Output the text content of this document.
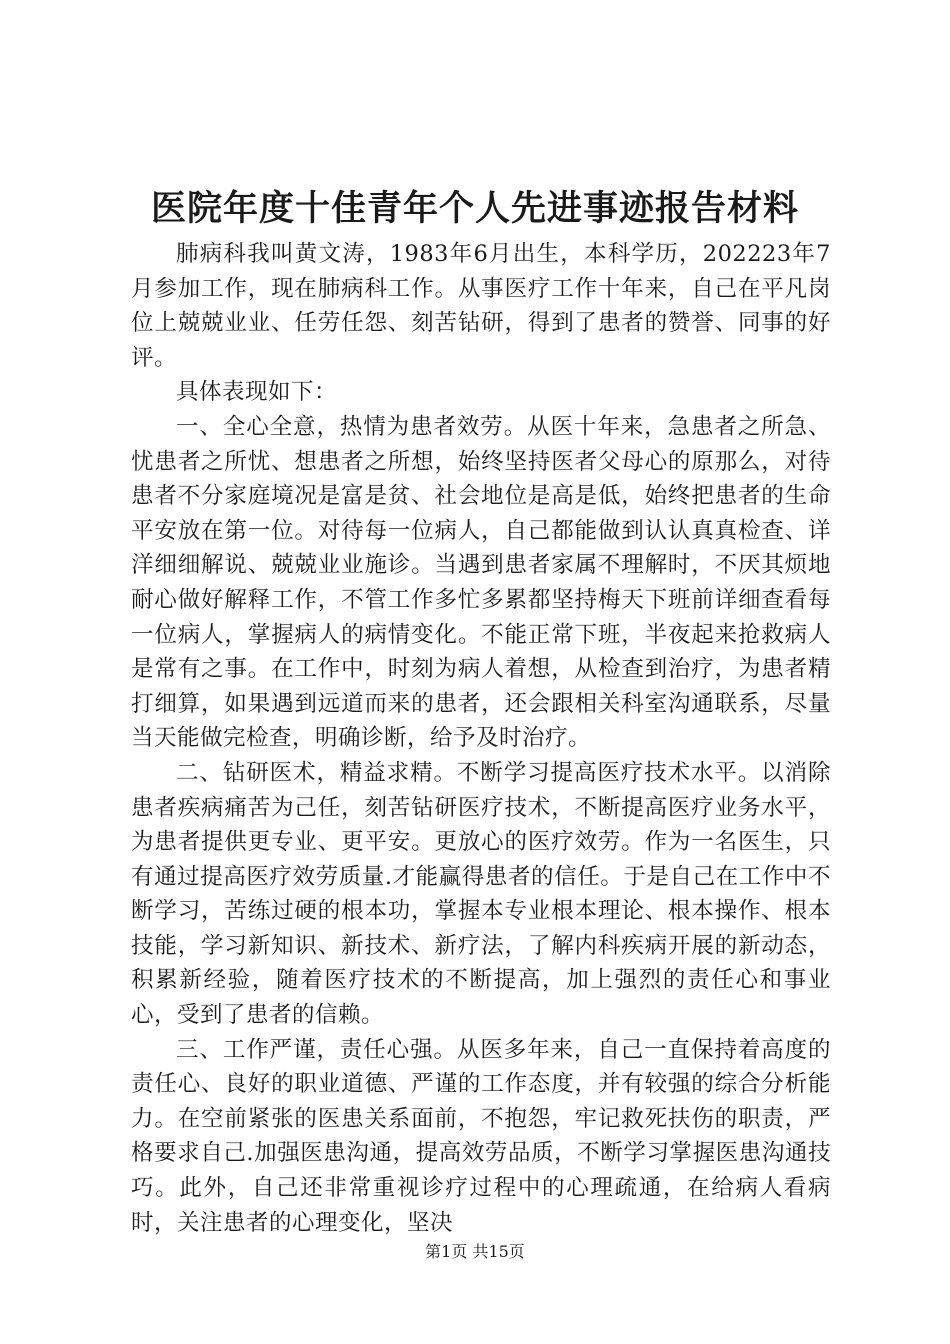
医院年度十佳青年个人先进事迹报告材料

肺病科我叫黄文涛，1983年6月出生，本科学历，202223年7月参加工作，现在肺病科工作。从事医疗工作十年来，自己在平凡岗位上兢兢业业、任劳任怨、刻苦钻研，得到了患者的赞誉、同事的好评。

具体表现如下：

一、全心全意，热情为患者效劳。从医十年来，急患者之所急、忧患者之所忧、想患者之所想，始终坚持医者父母心的原那么，对待患者不分家庭境况是富是贫、社会地位是高是低，始终把患者的生命平安放在第一位。对待每一位病人，自己都能做到认认真真检查、详洋细细解说、兢兢业业施诊。当遇到患者家属不理解时，不厌其烦地耐心做好解释工作，不管工作多忙多累都坚持梅天下班前详细查看每一位病人，掌握病人的病情变化。不能正常下班，半夜起来抢救病人是常有之事。在工作中，时刻为病人着想，从检查到治疗，为患者精打细算，如果遇到远道而来的患者，还会跟相关科室沟通联系，尽量当天能做完检查，明确诊断，给予及时治疗。

二、钻研医术，精益求精。不断学习提高医疗技术水平。以消除患者疾病痛苦为己任，刻苦钻研医疗技术，不断提高医疗业务水平，为患者提供更专业、更平安。更放心的医疗效劳。作为一名医生，只有通过提高医疗效劳质量.才能赢得患者的信任。于是自己在工作中不断学习，苦练过硬的根本功，掌握本专业根本理论、根本操作、根本技能，学习新知识、新技术、新疗法，了解内科疾病开展的新动态，积累新经验，随着医疗技术的不断提高，加上强烈的责任心和事业心，受到了患者的信赖。

三、工作严谨，责任心强。从医多年来，自己一直保持着高度的责任心、良好的职业道德、严谨的工作态度，并有较强的综合分析能力。在空前紧张的医患关系面前，不抱怨，牢记救死扶伤的职责，严格要求自己.加强医患沟通，提高效劳品质，不断学习掌握医患沟通技巧。此外，自己还非常重视诊疗过程中的心理疏通，在给病人看病时，关注患者的心理变化，坚决

第1页 共15页
